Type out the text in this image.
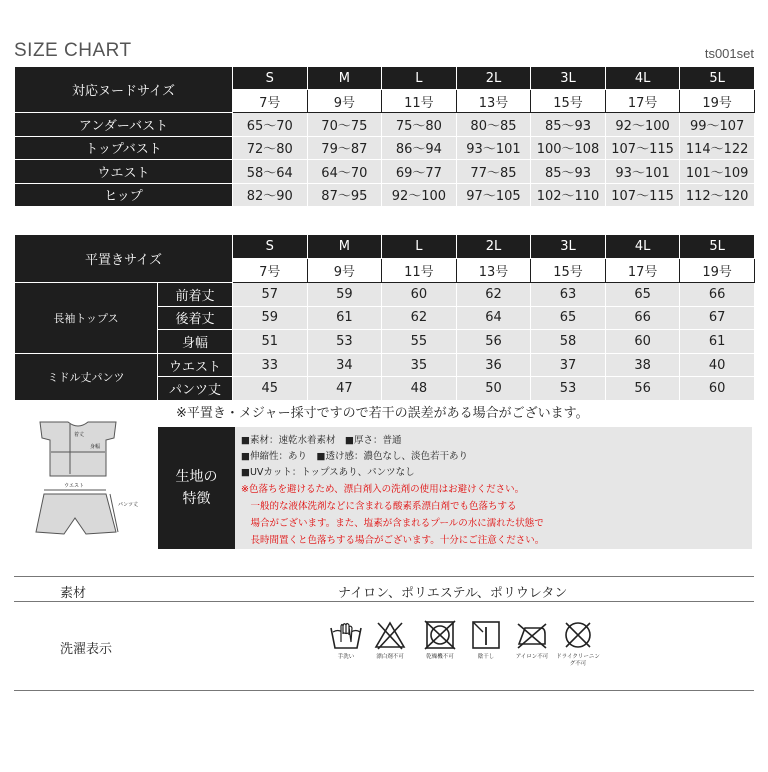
SIZE CHART	ts001set
対応ヌードサイズ	S	M	L	2L	3L	4L	5L
	7号	9号	11号	13号	15号	17号	19号
アンダーバスト	65〜70	70〜75	75〜80	80〜85	85〜93	92〜100	99〜107
トップバスト	72〜80	79〜87	86〜94	93〜101	100〜108	107〜115	114〜122
ウエスト	58〜64	64〜70	69〜77	77〜85	85〜93	93〜101	101〜109
ヒップ	82〜90	87〜95	92〜100	97〜105	102〜110	107〜115	112〜120
平置きサイズ		S	M	L	2L	3L	4L	5L
		7号	9号	11号	13号	15号	17号	19号
長袖トップス	前着丈	57	59	60	62	63	65	66
	後着丈	59	61	62	64	65	66	67
	身幅	51	53	55	56	58	60	61
ミドル丈パンツ	ウエスト	33	34	35	36	37	38	40
	パンツ丈	45	47	48	50	53	56	60
※平置き・メジャー採寸ですので若干の誤差がある場合がございます。
着丈
身幅
ウエスト
パンツ丈
生地の
特徴
■素材：速乾水着素材　■厚さ：普通
■伸縮性：あり　■透け感：濃色なし、淡色若干あり
■UVカット：トップスあり、パンツなし
※色落ちを避けるため、漂白剤入の洗剤の使用はお避けください。
　一般的な液体洗剤などに含まれる酸素系漂白剤でも色落ちする
　場合がございます。また、塩素が含まれるプールの水に濡れた状態で
　長時間置くと色落ちする場合がございます。十分にご注意ください。
素材	ナイロン、ポリエステル、ポリウレタン
洗濯表示	手洗い	漂白剤不可	乾燥機不可	陰干し	アイロン不可	ドライクリーニング不可
